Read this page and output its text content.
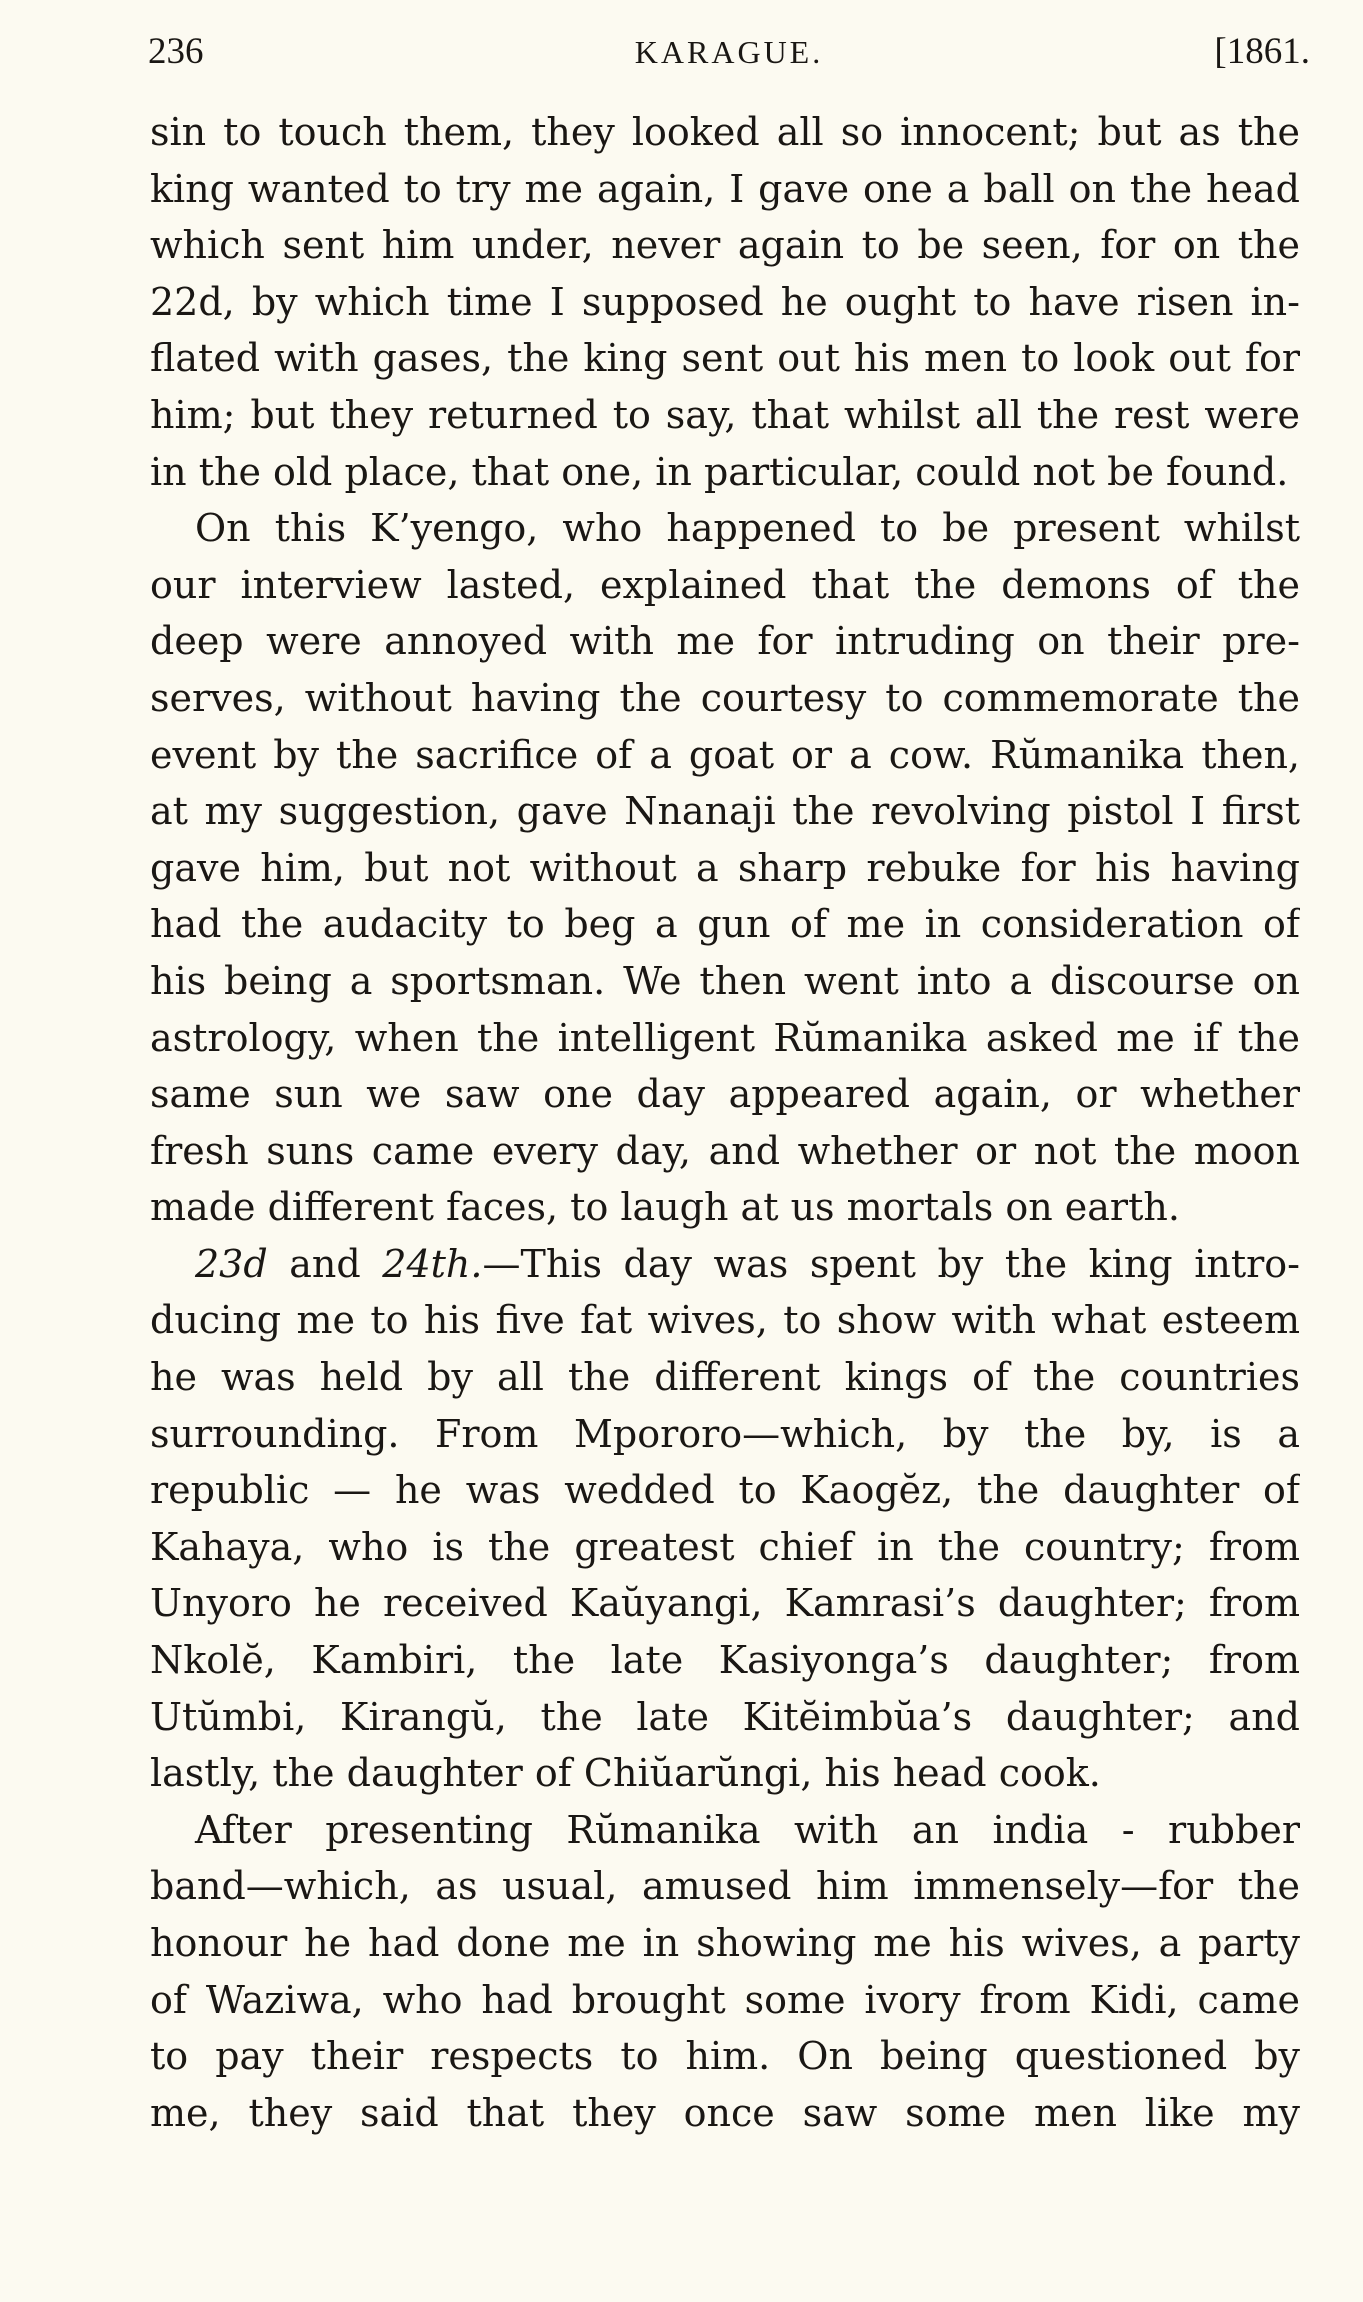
236	KARAGUE.	[1861.
sin to touch them, they looked all so innocent; but as the
king wanted to try me again, I gave one a ball on the head
which sent him under, never again to be seen, for on the
22d, by which time I supposed he ought to have risen in-
flated with gases, the king sent out his men to look out for
him; but they returned to say, that whilst all the rest were
in the old place, that one, in particular, could not be found.
On this K’yengo, who happened to be present whilst
our interview lasted, explained that the demons of the
deep were annoyed with me for intruding on their pre-
serves, without having the courtesy to commemorate the
event by the sacrifice of a goat or a cow. Rŭmanika then,
at my suggestion, gave Nnanaji the revolving pistol I first
gave him, but not without a sharp rebuke for his having
had the audacity to beg a gun of me in consideration of
his being a sportsman. We then went into a discourse on
astrology, when the intelligent Rŭmanika asked me if the
same sun we saw one day appeared again, or whether
fresh suns came every day, and whether or not the moon
made different faces, to laugh at us mortals on earth.
23d and 24th.—This day was spent by the king intro-
ducing me to his five fat wives, to show with what esteem
he was held by all the different kings of the countries
surrounding. From Mpororo—which, by the by, is a
republic — he was wedded to Kaogĕz, the daughter of
Kahaya, who is the greatest chief in the country; from
Unyoro he received Kaŭyangi, Kamrasi’s daughter; from
Nkolĕ, Kambiri, the late Kasiyonga’s daughter; from
Utŭmbi, Kirangŭ, the late Kitĕimbŭa’s daughter; and
lastly, the daughter of Chiŭarŭngi, his head cook.
After presenting Rŭmanika with an india - rubber
band—which, as usual, amused him immensely—for the
honour he had done me in showing me his wives, a party
of Waziwa, who had brought some ivory from Kidi, came
to pay their respects to him. On being questioned by
me, they said that they once saw some men like my
